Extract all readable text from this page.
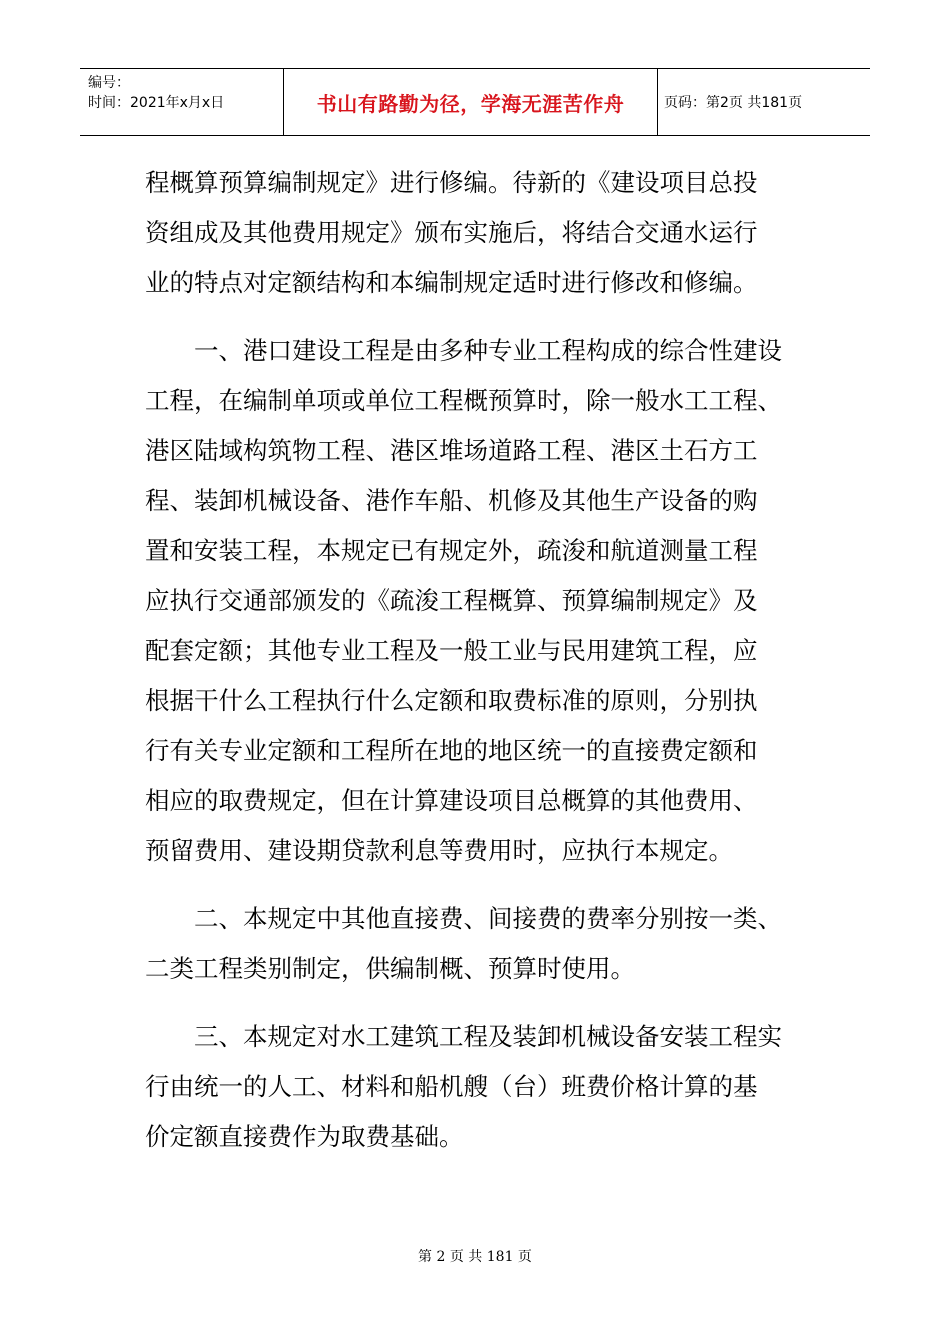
编号：
时间：2021年x月x日	书山有路勤为径，学海无涯苦作舟	页码：第2页 共181页
程概算预算编制规定》进行修编。待新的《建设项目总投
资组成及其他费用规定》颁布实施后，将结合交通水运行
业的特点对定额结构和本编制规定适时进行修改和修编。
　　一、港口建设工程是由多种专业工程构成的综合性建设
工程，在编制单项或单位工程概预算时，除一般水工工程、
港区陆域构筑物工程、港区堆场道路工程、港区土石方工
程、装卸机械设备、港作车船、机修及其他生产设备的购
置和安装工程，本规定已有规定外，疏浚和航道测量工程
应执行交通部颁发的《疏浚工程概算、预算编制规定》及
配套定额；其他专业工程及一般工业与民用建筑工程，应
根据干什么工程执行什么定额和取费标准的原则，分别执
行有关专业定额和工程所在地的地区统一的直接费定额和
相应的取费规定，但在计算建设项目总概算的其他费用、
预留费用、建设期贷款利息等费用时，应执行本规定。
　　二、本规定中其他直接费、间接费的费率分别按一类、
二类工程类别制定，供编制概、预算时使用。
　　三、本规定对水工建筑工程及装卸机械设备安装工程实
行由统一的人工、材料和船机艘（台）班费价格计算的基
价定额直接费作为取费基础。
第 2 页 共 181 页
